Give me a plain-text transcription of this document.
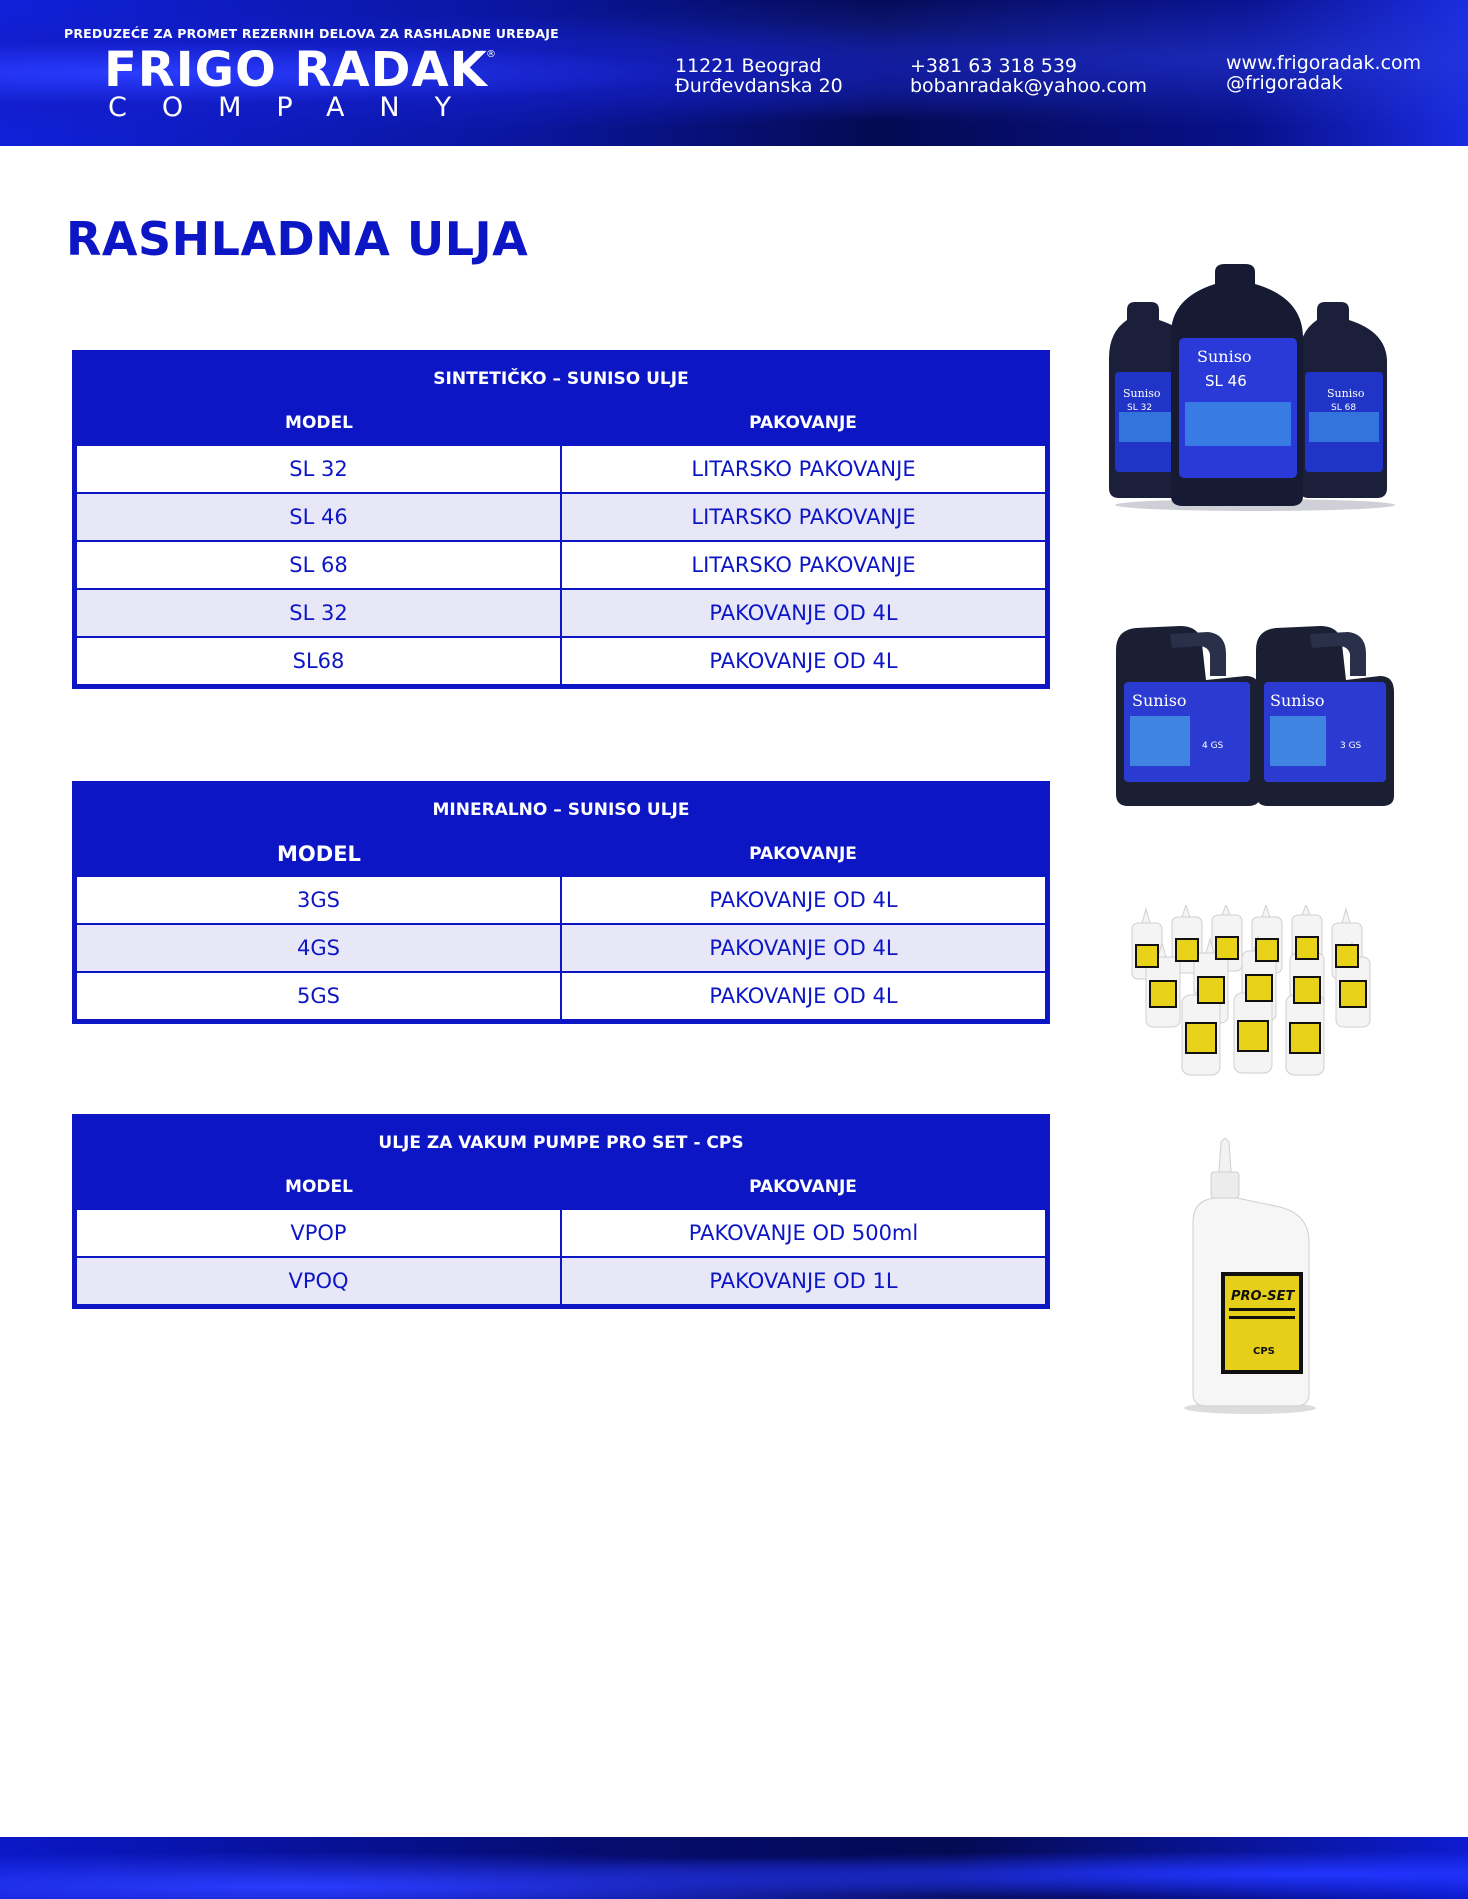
PREDUZEĆE ZA PROMET REZERNIH DELOVA ZA RASHLADNE UREĐAJE
FRIGO RADAK
®
COMPANY
11221 Beograd
Đurđevdanska 20
+381 63 318 539
bobanradak@yahoo.com
www.frigoradak.com
@frigoradak
RASHLADNA ULJA
SINTETIČKO – SUNISO ULJE
MODEL	PAKOVANJE
SL 32	LITARSKO PAKOVANJE
SL 46	LITARSKO PAKOVANJE
SL 68	LITARSKO PAKOVANJE
SL 32	PAKOVANJE OD 4L
SL68	PAKOVANJE OD 4L
MINERALNO – SUNISO ULJE
MODEL	PAKOVANJE
3GS	PAKOVANJE OD 4L
4GS	PAKOVANJE OD 4L
5GS	PAKOVANJE OD 4L
ULJE ZA VAKUM PUMPE PRO SET - CPS
MODEL	PAKOVANJE
VPOP	PAKOVANJE OD 500ml
VPOQ	PAKOVANJE OD 1L
Suniso
SL 32
Suniso
SL 68
Suniso
SL 46
Suniso
4 GS
Suniso
3 GS
PRO-SET
CPS
